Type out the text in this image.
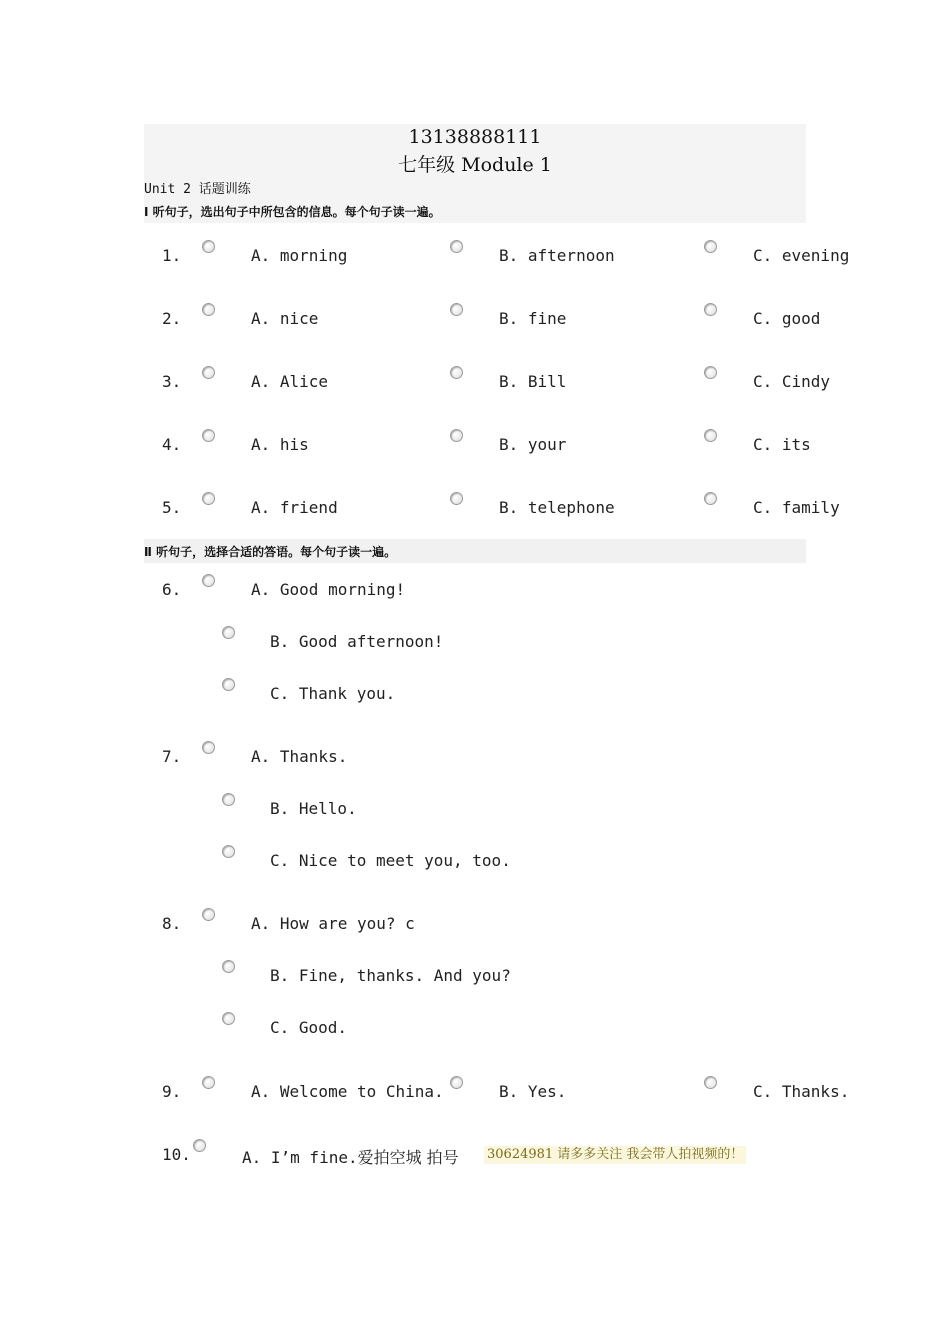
13138888111
七年级 Module 1
Unit 2 话题训练
Ⅰ 听句子，选出句子中所包含的信息。每个句子读一遍。
1.	A. morning	B. afternoon	C. evening
2.	A. nice	B. fine	C. good
3.	A. Alice	B. Bill	C. Cindy
4.	A. his	B. your	C. its
5.	A. friend	B. telephone	C. family
Ⅱ 听句子，选择合适的答语。每个句子读一遍。
6.	A. Good morning!
B. Good afternoon!
C. Thank you.
7.	A. Thanks.
B. Hello.
C. Nice to meet you, too.
8.	A. How are you? c
B. Fine, thanks. And you?
C. Good.
9.	A. Welcome to China.	B. Yes.	C. Thanks.
10.	A. I’m fine.爱拍空城 拍号 30624981 请多多关注 我会带人拍视频的！
